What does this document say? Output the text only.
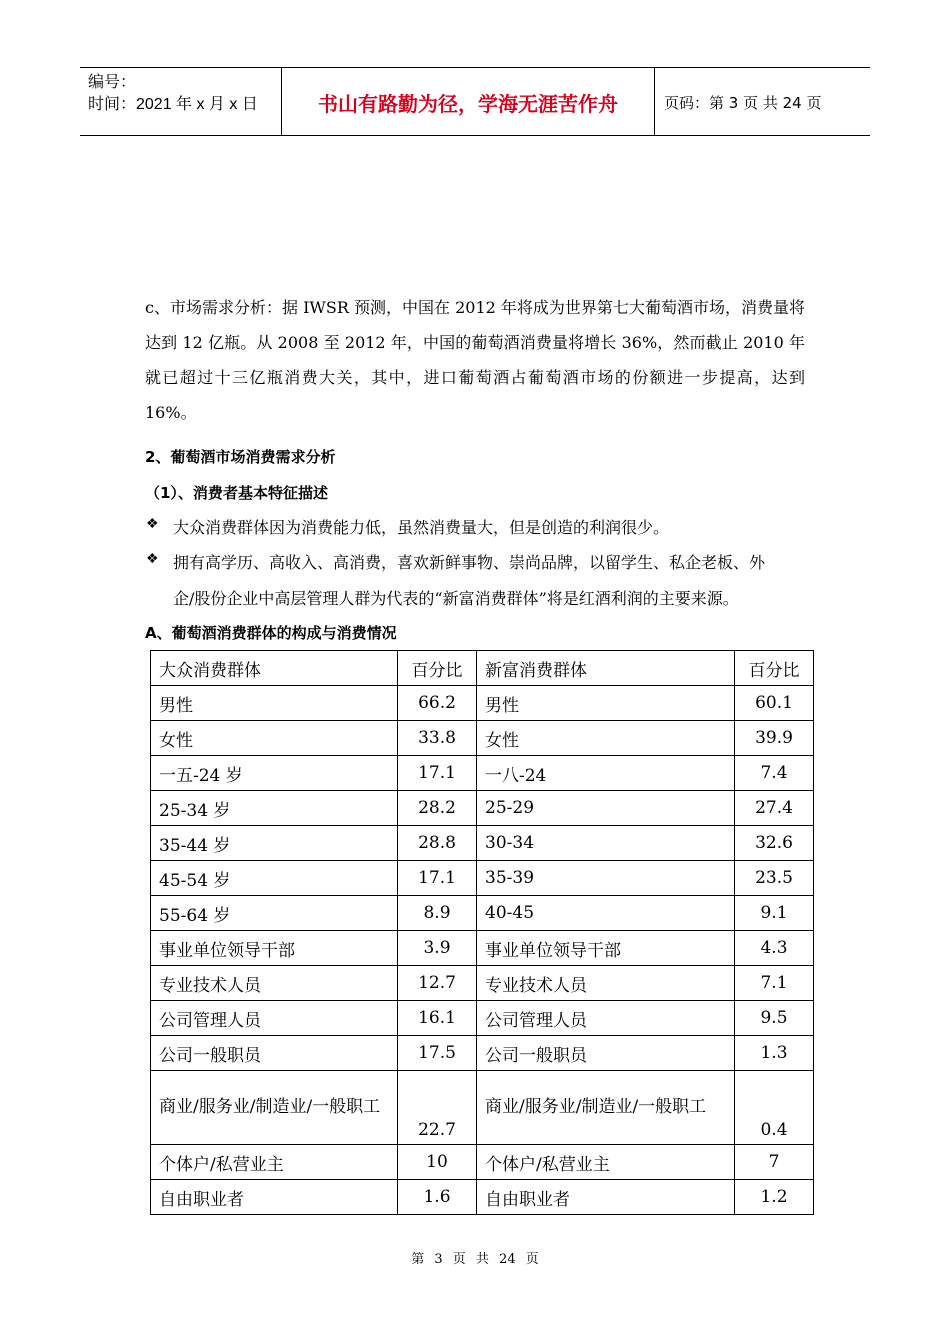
编号：
时间：2021 年 x 月 x 日	书山有路勤为径，学海无涯苦作舟	页码：第 3 页 共 24 页
c、市场需求分析：据 IWSR 预测，中国在 2012 年将成为世界第七大葡萄酒市场，消费量将达到 12 亿瓶。从 2008 至 2012 年，中国的葡萄酒消费量将增长 36%，然而截止 2010 年就已超过十三亿瓶消费大关，其中，进口葡萄酒占葡萄酒市场的份额进一步提高，达到 16%。
2、葡萄酒市场消费需求分析
（1）、消费者基本特征描述
❖ 大众消费群体因为消费能力低，虽然消费量大，但是创造的利润很少。
❖ 拥有高学历、高收入、高消费，喜欢新鲜事物、崇尚品牌，以留学生、私企老板、外
企/股份企业中高层管理人群为代表的“新富消费群体”将是红酒利润的主要来源。
A、葡萄酒消费群体的构成与消费情况
大众消费群体	百分比	新富消费群体	百分比
男性	66.2	男性	60.1
女性	33.8	女性	39.9
一五-24 岁	17.1	一八-24	7.4
25-34 岁	28.2	25-29	27.4
35-44 岁	28.8	30-34	32.6
45-54 岁	17.1	35-39	23.5
55-64 岁	8.9	40-45	9.1
事业单位领导干部	3.9	事业单位领导干部	4.3
专业技术人员	12.7	专业技术人员	7.1
公司管理人员	16.1	公司管理人员	9.5
公司一般职员	17.5	公司一般职员	1.3
商业/服务业/制造业/一般职工	22.7	商业/服务业/制造业/一般职工	0.4
个体户/私营业主	10	个体户/私营业主	7
自由职业者	1.6	自由职业者	1.2
第 3 页 共 24 页
